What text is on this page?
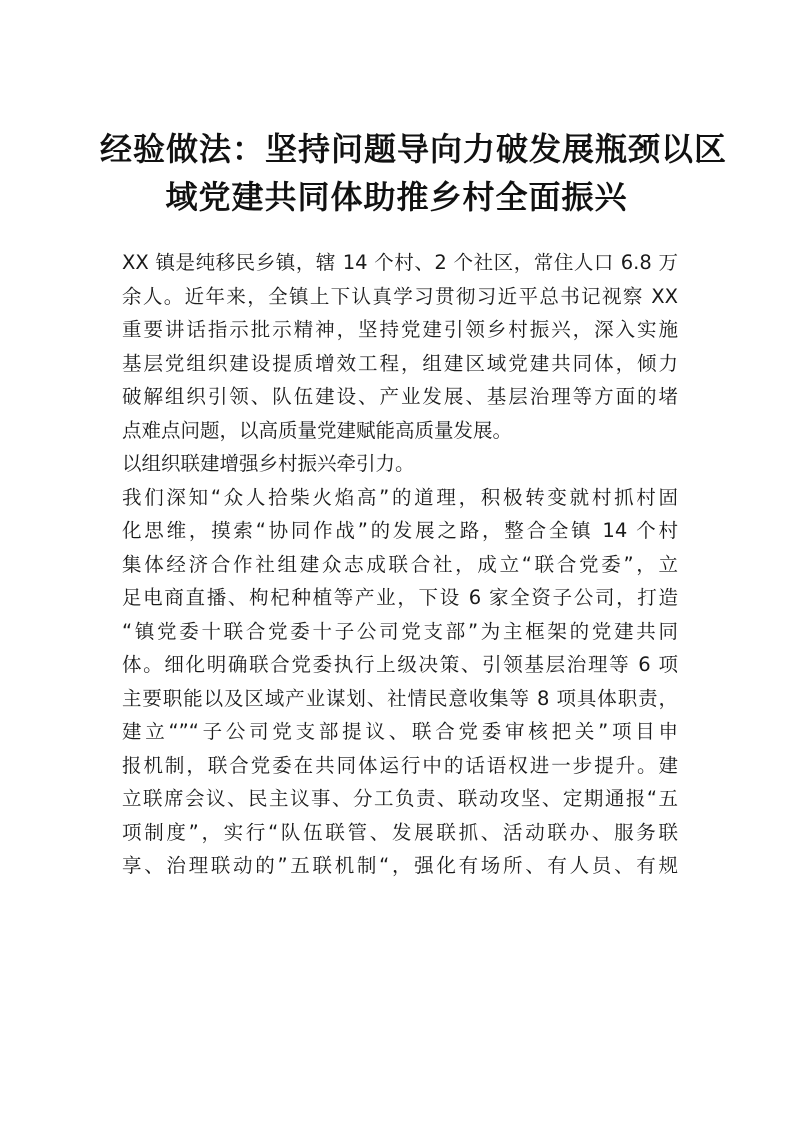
经验做法：坚持问题导向力破发展瓶颈以区
域党建共同体助推乡村全面振兴
XX 镇是纯移民乡镇，辖 14 个村、2 个社区，常住人口 6.8 万
余人。近年来，全镇上下认真学习贯彻习近平总书记视察 XX
重要讲话指示批示精神，坚持党建引领乡村振兴，深入实施
基层党组织建设提质增效工程，组建区域党建共同体，倾力
破解组织引领、队伍建设、产业发展、基层治理等方面的堵
点难点问题，以高质量党建赋能高质量发展。
以组织联建增强乡村振兴牵引力。
我们深知“众人拾柴火焰高”的道理，积极转变就村抓村固
化思维，摸索“协同作战”的发展之路，整合全镇 14 个村
集体经济合作社组建众志成联合社，成立“联合党委”，立
足电商直播、枸杞种植等产业，下设 6 家全资子公司，打造
“镇党委十联合党委十子公司党支部”为主框架的党建共同
体。细化明确联合党委执行上级决策、引领基层治理等 6 项
主要职能以及区域产业谋划、社情民意收集等 8 项具体职责，
建立“”“子公司党支部提议、联合党委审核把关”项目申
报机制，联合党委在共同体运行中的话语权进一步提升。建
立联席会议、民主议事、分工负责、联动攻坚、定期通报“五
项制度”，实行“队伍联管、发展联抓、活动联办、服务联
享、治理联动的”五联机制“，强化有场所、有人员、有规
